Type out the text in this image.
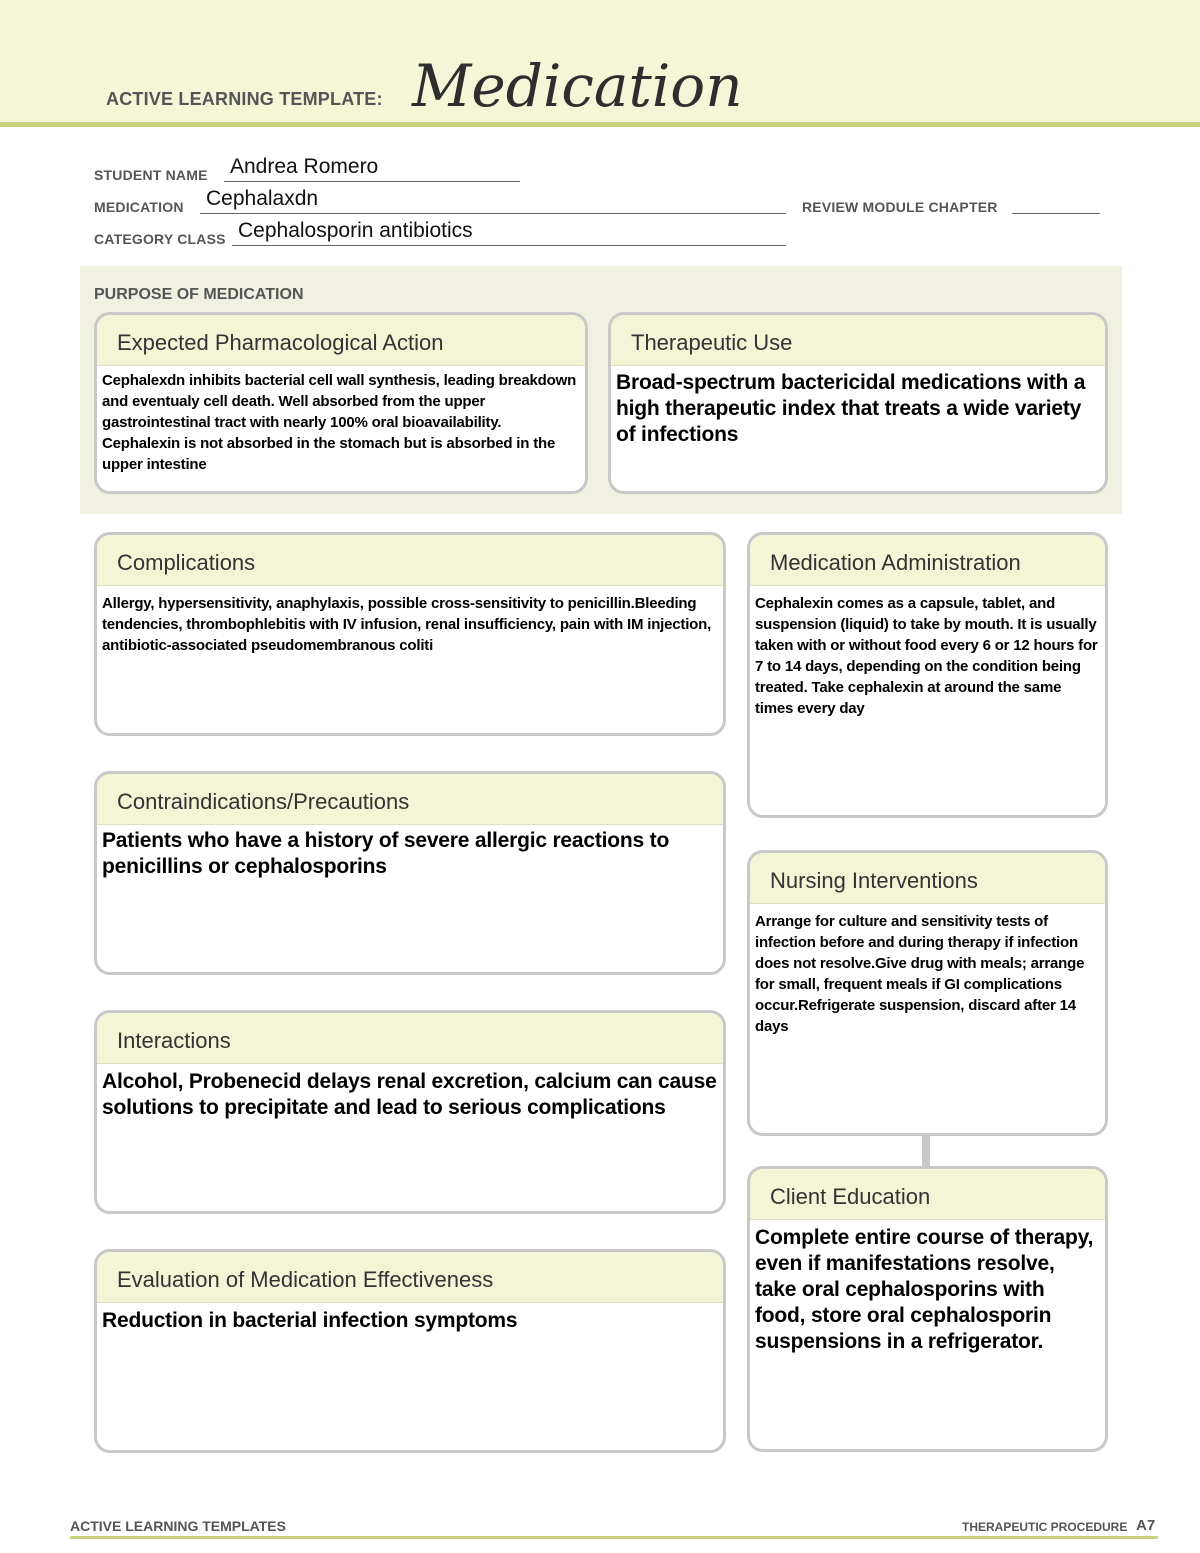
ACTIVE LEARNING TEMPLATE: Medication
STUDENT NAME Andrea Romero
MEDICATION Cephalaxdn	REVIEW MODULE CHAPTER
CATEGORY CLASS Cephalosporin antibiotics
PURPOSE OF MEDICATION
Expected Pharmacological Action
Cephalexdn inhibits bacterial cell wall synthesis, leading breakdown and eventualy cell death. Well absorbed from the upper gastrointestinal tract with nearly 100% oral bioavailability. Cephalexin is not absorbed in the stomach but is absorbed in the upper intestine
Therapeutic Use
Broad-spectrum bactericidal medications with a high therapeutic index that treats a wide variety of infections
Complications
Allergy, hypersensitivity, anaphylaxis, possible cross-sensitivity to penicillin.Bleeding tendencies, thrombophlebitis with IV infusion, renal insufficiency, pain with IM injection, antibiotic-associated pseudomembranous coliti
Medication Administration
Cephalexin comes as a capsule, tablet, and suspension (liquid) to take by mouth. It is usually taken with or without food every 6 or 12 hours for 7 to 14 days, depending on the condition being treated. Take cephalexin at around the same times every day
Contraindications/Precautions
Patients who have a history of severe allergic reactions to penicillins or cephalosporins
Nursing Interventions
Arrange for culture and sensitivity tests of infection before and during therapy if infection does not resolve.Give drug with meals; arrange for small, frequent meals if GI complications occur.Refrigerate suspension, discard after 14 days
Interactions
Alcohol, Probenecid delays renal excretion, calcium can cause solutions to precipitate and lead to serious complications
Client Education
Complete entire course of therapy, even if manifestations resolve, take oral cephalosporins with food, store oral cephalosporin suspensions in a refrigerator.
Evaluation of Medication Effectiveness
Reduction in bacterial infection symptoms
ACTIVE LEARNING TEMPLATES	THERAPEUTIC PROCEDURE A7
